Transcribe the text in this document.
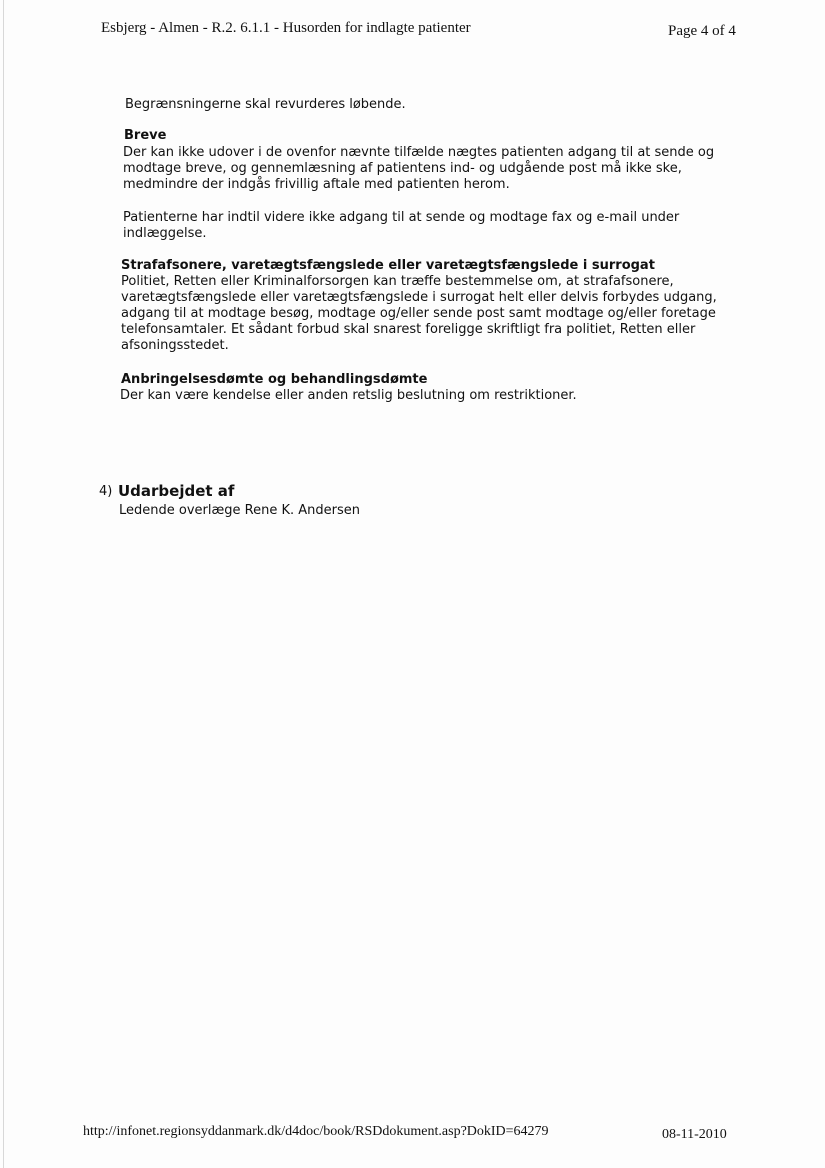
Esbjerg - Almen - R.2. 6.1.1 - Husorden for indlagte patienter	Page 4 of 4
Begrænsningerne skal revurderes løbende.
Breve
Der kan ikke udover i de ovenfor nævnte tilfælde nægtes patienten adgang til at sende og
modtage breve, og gennemlæsning af patientens ind- og udgående post må ikke ske,
medmindre der indgås frivillig aftale med patienten herom.
Patienterne har indtil videre ikke adgang til at sende og modtage fax og e-mail under
indlæggelse.
Strafafsonere, varetægtsfængslede eller varetægtsfængslede i surrogat
Politiet, Retten eller Kriminalforsorgen kan træffe bestemmelse om, at strafafsonere,
varetægtsfængslede eller varetægtsfængslede i surrogat helt eller delvis forbydes udgang,
adgang til at modtage besøg, modtage og/eller sende post samt modtage og/eller foretage
telefonsamtaler. Et sådant forbud skal snarest foreligge skriftligt fra politiet, Retten eller
afsoningsstedet.
Anbringelsesdømte og behandlingsdømte
Der kan være kendelse eller anden retslig beslutning om restriktioner.
4) Udarbejdet af
Ledende overlæge Rene K. Andersen
http://infonet.regionsyddanmark.dk/d4doc/book/RSDdokument.asp?DokID=64279	08-11-2010
